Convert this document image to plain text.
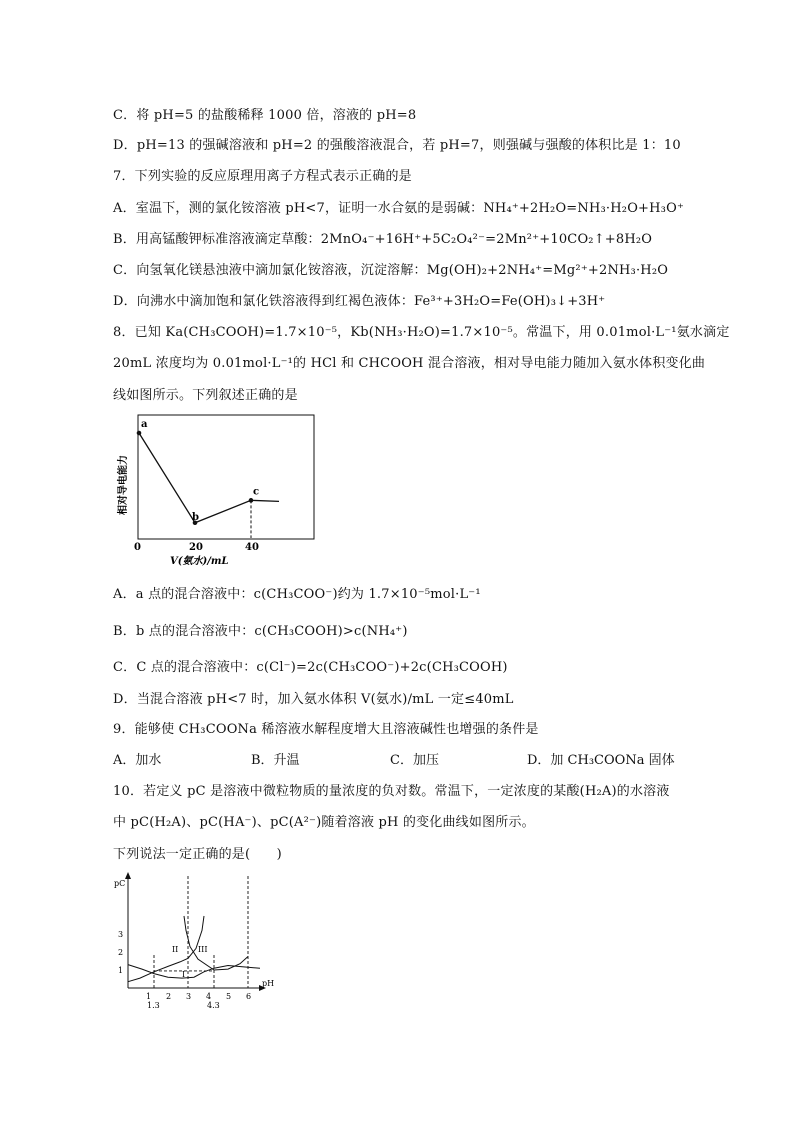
C．将 pH=5 的盐酸稀释 1000 倍，溶液的 pH=8
D．pH=13 的强碱溶液和 pH=2 的强酸溶液混合，若 pH=7，则强碱与强酸的体积比是 1：10
7．下列实验的反应原理用离子方程式表示正确的是
A．室温下，测的氯化铵溶液 pH<7，证明一水合氨的是弱碱：NH₄⁺+2H₂O=NH₃·H₂O+H₃O⁺
B．用高锰酸钾标准溶液滴定草酸：2MnO₄⁻+16H⁺+5C₂O₄²⁻=2Mn²⁺+10CO₂↑+8H₂O
C．向氢氧化镁悬浊液中滴加氯化铵溶液，沉淀溶解：Mg(OH)₂+2NH₄⁺=Mg²⁺+2NH₃·H₂O
D．向沸水中滴加饱和氯化铁溶液得到红褐色液体：Fe³⁺+3H₂O=Fe(OH)₃↓+3H⁺
8．已知 Ka(CH₃COOH)=1.7×10⁻⁵，Kb(NH₃·H₂O)=1.7×10⁻⁵。常温下，用 0.01mol·L⁻¹氨水滴定
20mL 浓度均为 0.01mol·L⁻¹的 HCl 和 CHCOOH 混合溶液，相对导电能力随加入氨水体积变化曲
线如图所示。下列叙述正确的是
a
b
c
相对导电能力
0	20	40
V(氨水)/mL
A．a 点的混合溶液中：c(CH₃COO⁻)约为 1.7×10⁻⁵mol·L⁻¹
B．b 点的混合溶液中：c(CH₃COOH)>c(NH₄⁺)
C．C 点的混合溶液中：c(Cl⁻)=2c(CH₃COO⁻)+2c(CH₃COOH)
D．当混合溶液 pH<7 时，加入氨水体积 V(氨水)/mL 一定≤40mL
9．能够使 CH₃COONa 稀溶液水解程度增大且溶液碱性也增强的条件是
A．加水	B．升温	C．加压	D．加 CH₃COONa 固体
10．若定义 pC 是溶液中微粒物质的量浓度的负对数。常温下，一定浓度的某酸(H₂A)的水溶液
中 pC(H₂A)、pC(HA⁻)、pC(A²⁻)随着溶液 pH 的变化曲线如图所示。
下列说法一定正确的是(　　)
pC
pH
1
2
3
1 2 3 4 5 6
1.3	4.3
I
II III
